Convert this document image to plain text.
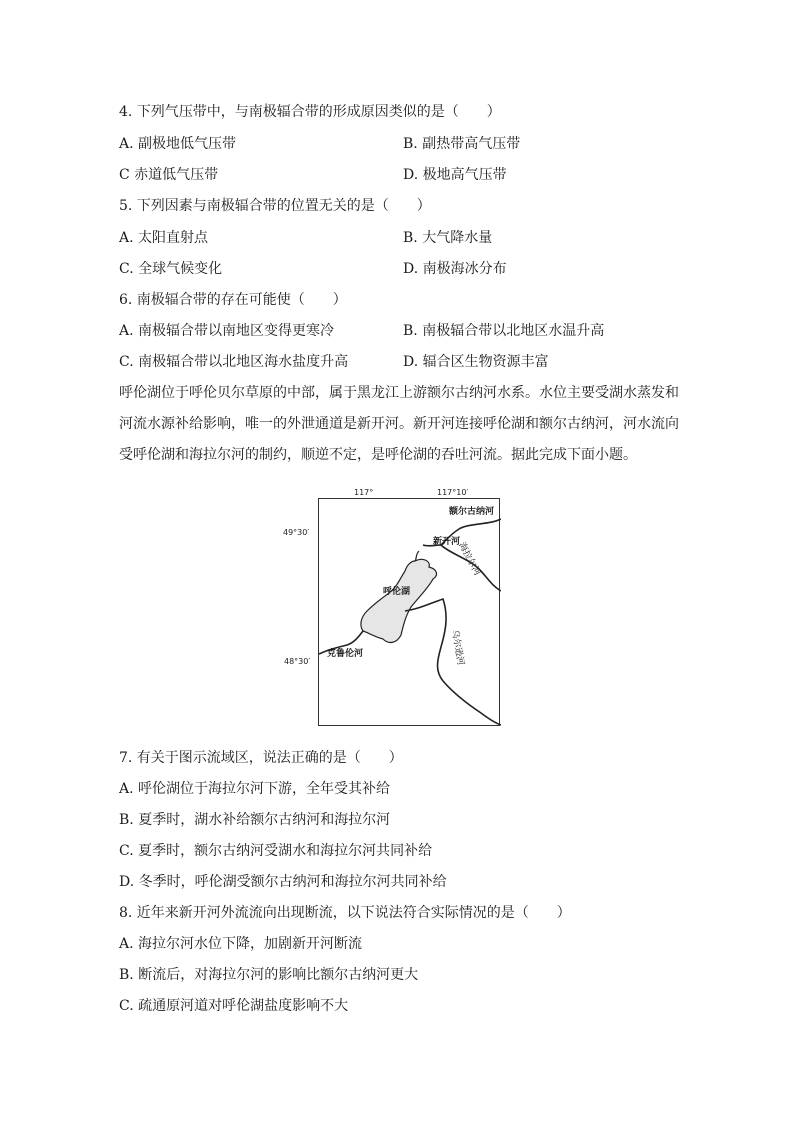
4. 下列气压带中，与南极辐合带的形成原因类似的是（　　）
A. 副极地低气压带	B. 副热带高气压带
C 赤道低气压带	D. 极地高气压带
5. 下列因素与南极辐合带的位置无关的是（　　）
A. 太阳直射点	B. 大气降水量
C. 全球气候变化	D. 南极海冰分布
6. 南极辐合带的存在可能使（　　）
A. 南极辐合带以南地区变得更寒冷	B. 南极辐合带以北地区水温升高
C. 南极辐合带以北地区海水盐度升高	D. 辐合区生物资源丰富
呼伦湖位于呼伦贝尔草原的中部，属于黑龙江上游额尔古纳河水系。水位主要受湖水蒸发和河流水源补给影响，唯一的外泄通道是新开河。新开河连接呼伦湖和额尔古纳河，河水流向受呼伦湖和海拉尔河的制约，顺逆不定，是呼伦湖的吞吐河流。据此完成下面小题。
117°	117°10′
49°30′
48°30′
额尔古纳河
新开河
海拉尔河
呼伦湖
克鲁伦河	乌尔逊河
7. 有关于图示流域区，说法正确的是（　　）
A. 呼伦湖位于海拉尔河下游，全年受其补给
B. 夏季时，湖水补给额尔古纳河和海拉尔河
C. 夏季时，额尔古纳河受湖水和海拉尔河共同补给
D. 冬季时，呼伦湖受额尔古纳河和海拉尔河共同补给
8. 近年来新开河外流流向出现断流，以下说法符合实际情况的是（　　）
A. 海拉尔河水位下降，加剧新开河断流
B. 断流后，对海拉尔河的影响比额尔古纳河更大
C. 疏通原河道对呼伦湖盐度影响不大
